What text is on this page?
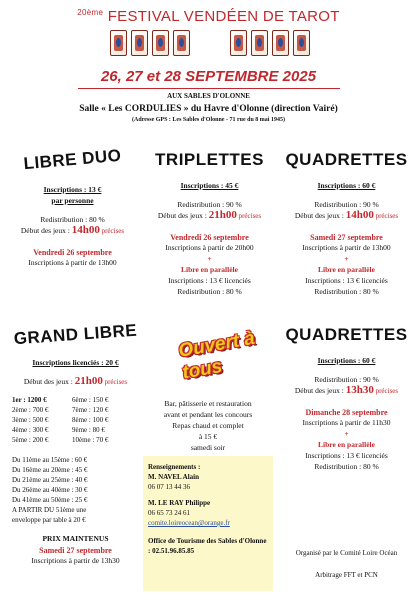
$^{20ème}$ FESTIVAL VENDÉEN DE TAROT
26, 27 et 28 SEPTEMBRE 2025
AUX SABLES D'OLONNE
Salle « Les CORDULIES » du Havre d'Olonne (direction Vairé)
(Adresse GPS : Les Sables d'Olonne - 71 rue du 8 mai 1945)
LIBRE DUO
Inscriptions : 13 €
par personne
Redistribution : 80 %
Début des jeux : 14h00 précises
Vendredi 26 septembre
Inscriptions à partir de 13h00
TRIPLETTES
Inscriptions : 45 €
Redistribution : 90 %
Début des jeux : 21h00 précises
Vendredi 26 septembre
Inscriptions à partir de 20h00
+
Libre en parallèle
Inscriptions : 13 € licenciés
Redistribution : 80 %
QUADRETTES
Inscriptions : 60 €
Redistribution : 90 %
Début des jeux : 14h00 précises
Samedi 27 septembre
Inscriptions à partir de 13h00
+
Libre en parallèle
Inscriptions : 13 € licenciés
Redistribution : 80 %
GRAND LIBRE
Inscriptions licenciés : 20 €
Début des jeux : 21h00 précises
1er : 1200 €	6ème : 150 €
2ème : 700 €	7ème : 120 €
3ème : 500 €	8ème : 100 €
4ème : 300 €	9ème : 80 €
5ème : 200 €	10ème : 70 €
Du 11ème au 15ème : 60 €
Du 16ème au 20ème : 45 €
Du 21ème au 25ème : 40 €
Du 26ème au 40ème : 30 €
Du 41ème au 50ème : 25 €
A PARTIR DU 51ème une
enveloppe par table à 20 €
PRIX MAINTENUS
Samedi 27 septembre
Inscriptions à partir de 13h30
Ouvert à tous
Bar, pâtisserie et restauration
avant et pendant les concours
Repas chaud et complet
à 15 €
samedi soir
Renseignements :
M. NAVEL Alain
06 07 13 44 36
M. LE RAY Philippe
06 65 73 24 61
comite.loireocean@orange.fr
Office de Tourisme des Sables d'Olonne : 02.51.96.85.85
QUADRETTES
Inscriptions : 60 €
Redistribution : 90 %
Début des jeux : 13h30 précises
Dimanche 28 septembre
Inscriptions à partir de 11h30
+
Libre en parallèle
Inscriptions : 13 € licenciés
Redistribution : 80 %
Organisé par le Comité Loire Océan
Arbitrage FFT et PCN
